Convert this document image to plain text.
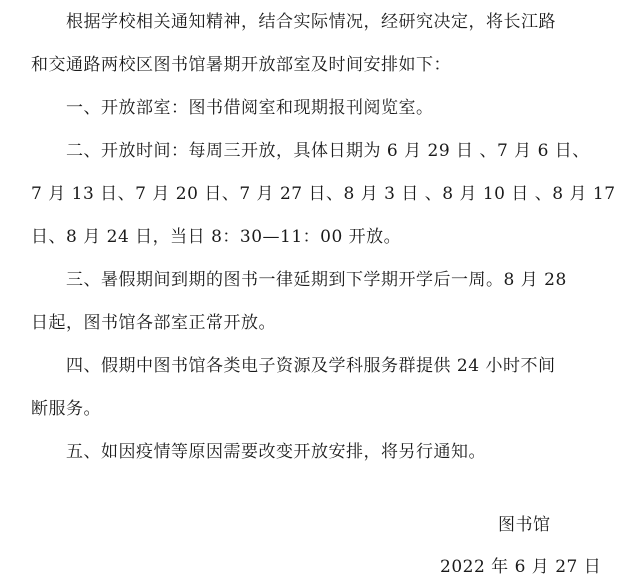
根据学校相关通知精神，结合实际情况，经研究决定，将长江路
和交通路两校区图书馆暑期开放部室及时间安排如下：
一、开放部室：图书借阅室和现期报刊阅览室。
二、开放时间：每周三开放，具体日期为 6 月 29 日 、7 月 6 日、
7 月 13 日、7 月 20 日、7 月 27 日、8 月 3 日 、8 月 10 日 、8 月 17
日、8 月 24 日，当日 8：30—11：00 开放。
三、暑假期间到期的图书一律延期到下学期开学后一周。8 月 28
日起，图书馆各部室正常开放。
四、假期中图书馆各类电子资源及学科服务群提供 24 小时不间
断服务。
五、如因疫情等原因需要改变开放安排，将另行通知。
图书馆
2022 年 6 月 27 日
